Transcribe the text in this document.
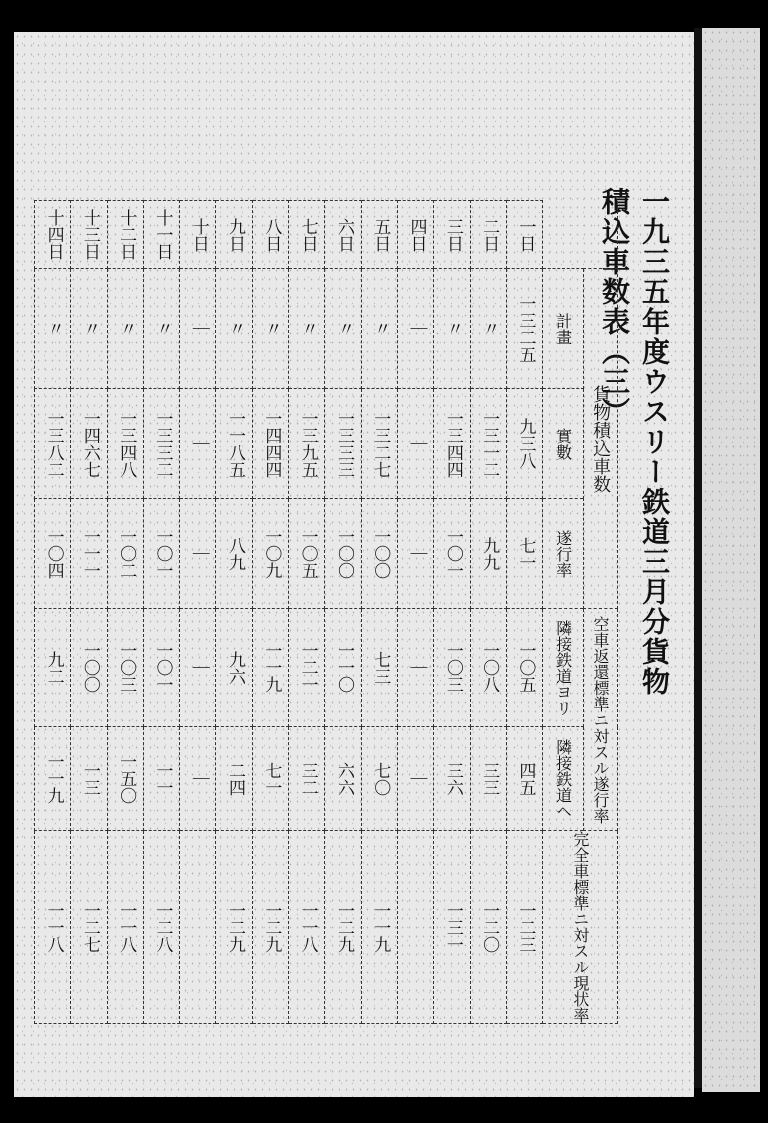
一九三五年度ウスリー鉄道三月分貨物積込車数表（三）
十四日	十三日	十二日	十一日	十日	九日	八日	七日	六日	五日	四日	三日	二日	一日		

〃	〃	〃	〃	｜	〃	〃	〃	〃	〃	｜	〃	〃	一三二五	計畫	貨物積込車数

一三八二	一四六七	一三四八	一三三二	｜	一一八五	一四四四	一三九五	一三三三	一三二七	｜	一三四四	一三一二	九三八	實數	

一〇四	一一一	一〇二	一〇一	｜	八九	一〇九	一〇五	一〇〇	一〇〇	｜	一〇一	九九	七一	遂行率	

九二	一〇〇	一〇三	一〇一	｜	九六	一一九	一二一	一一〇	七三	｜	一〇三	一〇八	一〇五	隣接鉄道ヨリ	空車返還標準ニ対スル遂行率

一一九	一三	一五〇	一一	｜	二四	七一	三二	六六	七〇	｜	三六	三三	四五	隣接鉄道ヘ	

一一八	一二七	一一八	一二八		一二九	一二九	一一八	一二九	一一九		一三一	一二〇	一二三	完全車標準ニ対スル現状率	
